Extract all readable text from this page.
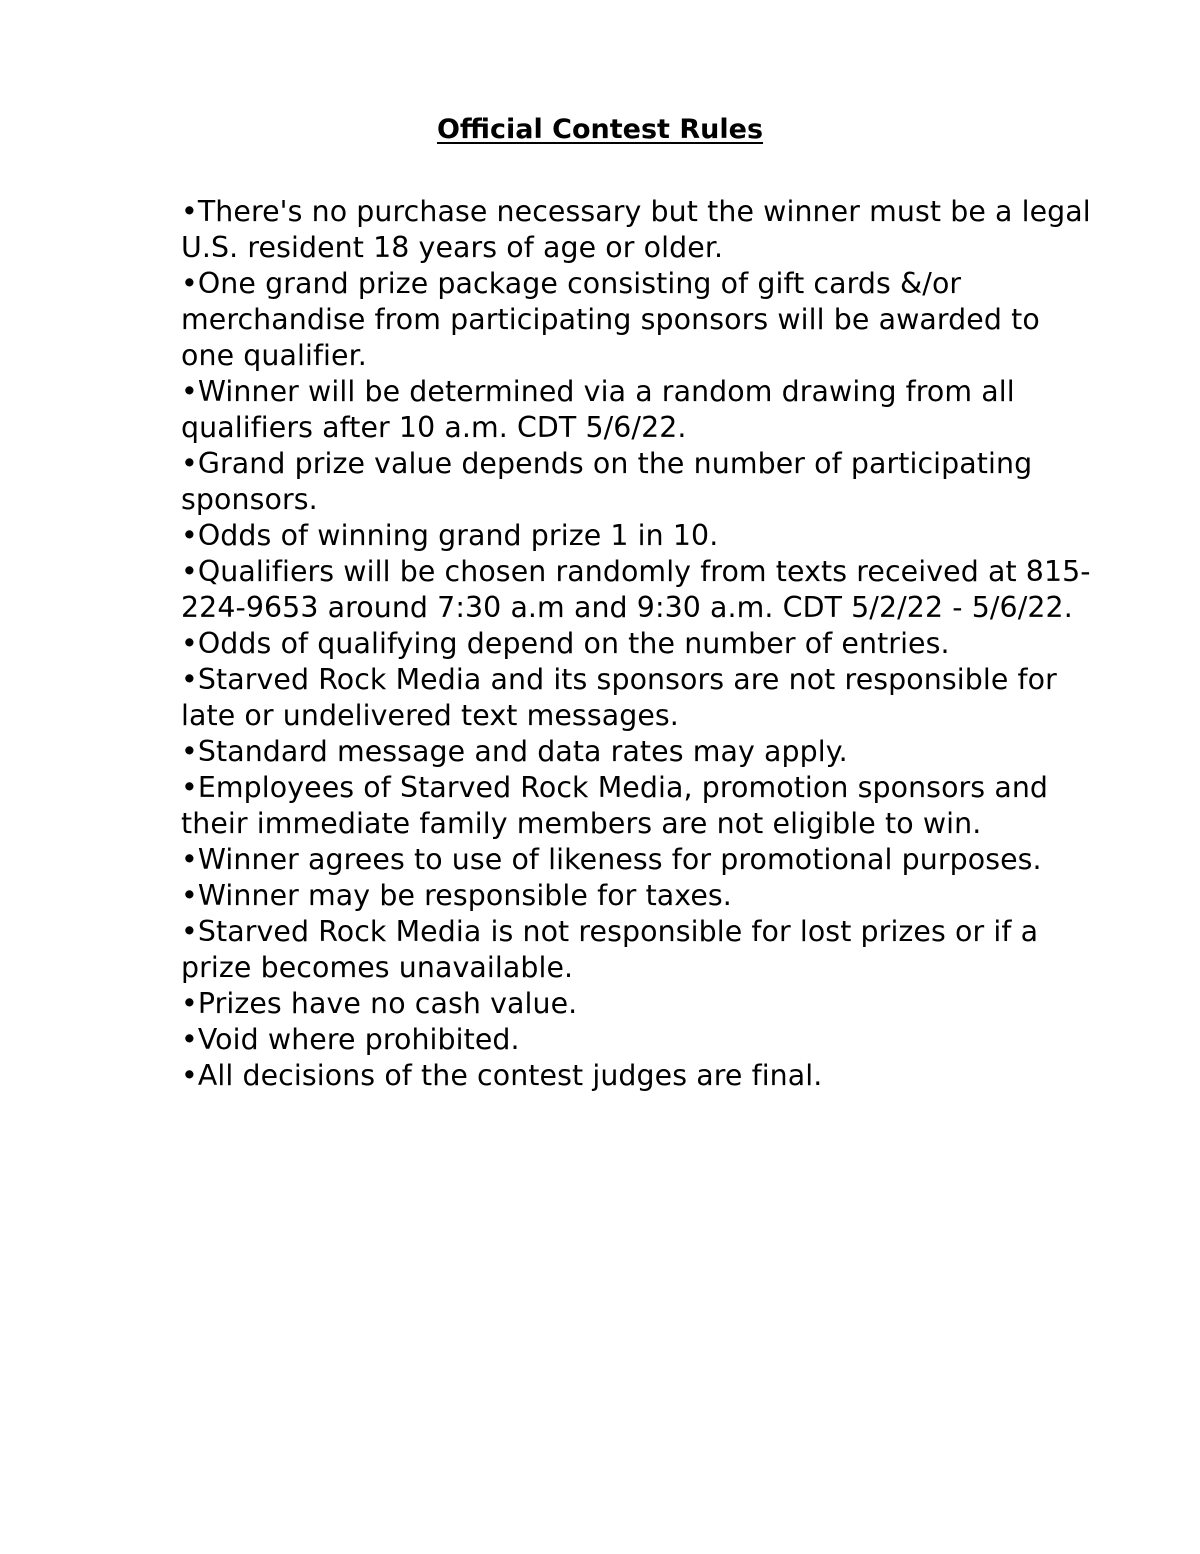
Official Contest Rules
•There's no purchase necessary but the winner must be a legal U.S. resident 18 years of age or older.
•One grand prize package consisting of gift cards &/or merchandise from participating sponsors will be awarded to one qualifier.
•Winner will be determined via a random drawing from all qualifiers after 10 a.m. CDT 5/6/22.
•Grand prize value depends on the number of participating sponsors.
•Odds of winning grand prize 1 in 10.
•Qualifiers will be chosen randomly from texts received at 815-224-9653 around 7:30 a.m and 9:30 a.m. CDT 5/2/22 - 5/6/22.
•Odds of qualifying depend on the number of entries.
•Starved Rock Media and its sponsors are not responsible for late or undelivered text messages.
•Standard message and data rates may apply.
•Employees of Starved Rock Media, promotion sponsors and their immediate family members are not eligible to win.
•Winner agrees to use of likeness for promotional purposes.
•Winner may be responsible for taxes.
•Starved Rock Media is not responsible for lost prizes or if a prize becomes unavailable.
•Prizes have no cash value.
•Void where prohibited.
•All decisions of the contest judges are final.
